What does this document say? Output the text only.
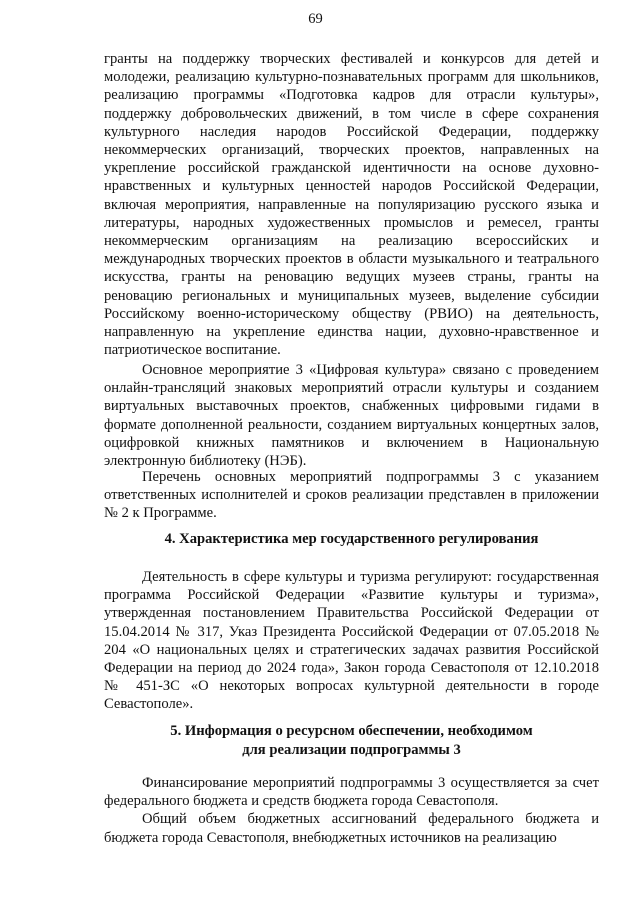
69

гранты на поддержку творческих фестивалей и конкурсов для детей и молодежи, реализацию культурно-познавательных программ для школьников, реализацию программы «Подготовка кадров для отрасли культуры», поддержку добровольческих движений, в том числе в сфере сохранения культурного наследия народов Российской Федерации, поддержку некоммерческих организаций, творческих проектов, направленных на укрепление российской гражданской идентичности на основе духовно-нравственных и культурных ценностей народов Российской Федерации, включая мероприятия, направленные на популяризацию русского языка и литературы, народных художественных промыслов и ремесел, гранты некоммерческим организациям на реализацию всероссийских и международных творческих проектов в области музыкального и театрального искусства, гранты на реновацию ведущих музеев страны, гранты на реновацию региональных и муниципальных музеев, выделение субсидии Российскому военно-историческому обществу (РВИО) на деятельность, направленную на укрепление единства нации, духовно-нравственное и патриотическое воспитание.

Основное мероприятие 3 «Цифровая культура» связано с проведением онлайн-трансляций знаковых мероприятий отрасли культуры и созданием виртуальных выставочных проектов, снабженных цифровыми гидами в формате дополненной реальности, созданием виртуальных концертных залов, оцифровкой книжных памятников и включением в Национальную электронную библиотеку (НЭБ).

Перечень основных мероприятий подпрограммы 3 с указанием ответственных исполнителей и сроков реализации представлен в приложении № 2 к Программе.

4. Характеристика мер государственного регулирования

Деятельность в сфере культуры и туризма регулируют: государственная программа Российской Федерации «Развитие культуры и туризма», утвержденная постановлением Правительства Российской Федерации от 15.04.2014 № 317, Указ Президента Российской Федерации от 07.05.2018 № 204 «О национальных целях и стратегических задачах развития Российской Федерации на период до 2024 года», Закон города Севастополя от 12.10.2018 № 451-ЗС «О некоторых вопросах культурной деятельности в городе Севастополе».

5. Информация о ресурсном обеспечении, необходимом
для реализации подпрограммы 3

Финансирование мероприятий подпрограммы 3 осуществляется за счет федерального бюджета и средств бюджета города Севастополя.

Общий объем бюджетных ассигнований федерального бюджета и бюджета города Севастополя, внебюджетных источников на реализацию
